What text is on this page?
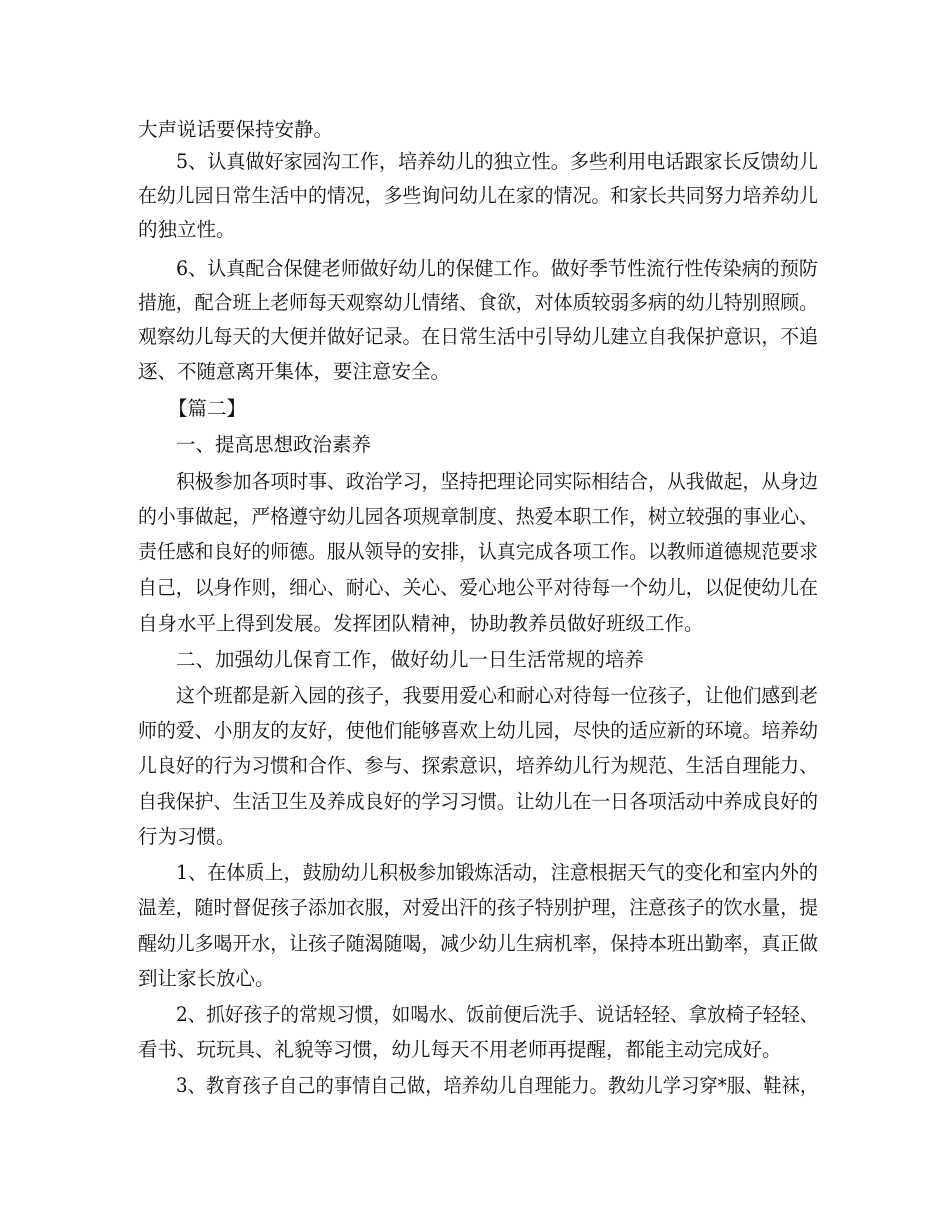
大声说话要保持安静。
5、认真做好家园沟工作，培养幼儿的独立性。多些利用电话跟家长反馈幼儿
在幼儿园日常生活中的情况，多些询问幼儿在家的情况。和家长共同努力培养幼儿
的独立性。
6、认真配合保健老师做好幼儿的保健工作。做好季节性流行性传染病的预防
措施，配合班上老师每天观察幼儿情绪、食欲，对体质较弱多病的幼儿特别照顾。
观察幼儿每天的大便并做好记录。在日常生活中引导幼儿建立自我保护意识，不追
逐、不随意离开集体，要注意安全。
【篇二】
一、提高思想政治素养
积极参加各项时事、政治学习，坚持把理论同实际相结合，从我做起，从身边
的小事做起，严格遵守幼儿园各项规章制度、热爱本职工作，树立较强的事业心、
责任感和良好的师德。服从领导的安排，认真完成各项工作。以教师道德规范要求
自己，以身作则，细心、耐心、关心、爱心地公平对待每一个幼儿，以促使幼儿在
自身水平上得到发展。发挥团队精神，协助教养员做好班级工作。
二、加强幼儿保育工作，做好幼儿一日生活常规的培养
这个班都是新入园的孩子，我要用爱心和耐心对待每一位孩子，让他们感到老
师的爱、小朋友的友好，使他们能够喜欢上幼儿园，尽快的适应新的环境。培养幼
儿良好的行为习惯和合作、参与、探索意识，培养幼儿行为规范、生活自理能力、
自我保护、生活卫生及养成良好的学习习惯。让幼儿在一日各项活动中养成良好的
行为习惯。
1、在体质上，鼓励幼儿积极参加锻炼活动，注意根据天气的变化和室内外的
温差，随时督促孩子添加衣服，对爱出汗的孩子特别护理，注意孩子的饮水量，提
醒幼儿多喝开水，让孩子随渴随喝，减少幼儿生病机率，保持本班出勤率，真正做
到让家长放心。
2、抓好孩子的常规习惯，如喝水、饭前便后洗手、说话轻轻、拿放椅子轻轻、
看书、玩玩具、礼貌等习惯，幼儿每天不用老师再提醒，都能主动完成好。
3、教育孩子自己的事情自己做，培养幼儿自理能力。教幼儿学习穿*服、鞋袜，
